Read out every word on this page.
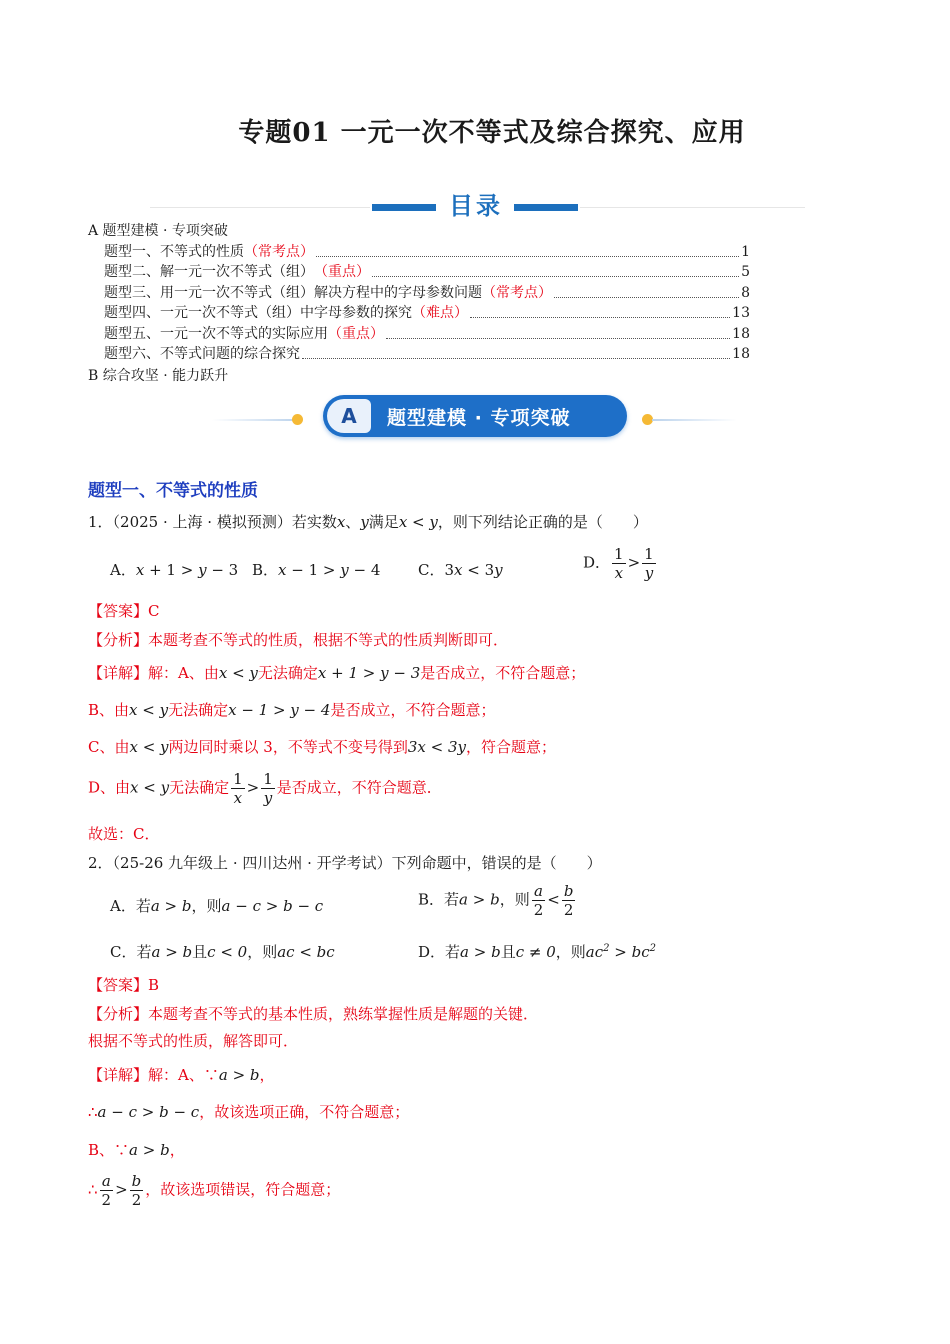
专题01 一元一次不等式及综合探究、应用
目录
A 题型建模 · 专项突破
题型一、不等式的性质 （常考点）	1
题型二、解一元一次不等式（组） （重点）	5
题型三、用一元一次不等式（组）解决方程中的字母参数问题 （常考点）	8
题型四、一元一次不等式（组）中字母参数的探究 （难点）	13
题型五、一元一次不等式的实际应用 （重点）	18
题型六、不等式问题的综合探究	18
B 综合攻坚 · 能力跃升
A	题型建模 · 专项突破
题型一、不等式的性质
1．（2025 · 上海 · 模拟预测）若实数x、y满足x < y，则下列结论正确的是（　　）
A．x + 1 > y − 3 B．x − 1 > y − 4	C．3x < 3y	D． $\frac{1}{x} > \frac{1}{y}$
【答案】C
【分析】本题考查不等式的性质，根据不等式的性质判断即可．
【详解】解：A、由x < y无法确定x + 1 > y − 3是否成立，不符合题意；
B、由x < y无法确定x − 1 > y − 4是否成立，不符合题意；
C、由x < y两边同时乘以 3，不等式不变号得到3x < 3y，符合题意；
D、由x < y无法确定 $\frac{1}{x} > \frac{1}{y}$ 是否成立，不符合题意．
故选：C．
2．（25-26 九年级上 · 四川达州 · 开学考试）下列命题中，错误的是（　　）
A．若a > b，则a − c > b − c	B．若a > b，则 $\frac{a}{2} < \frac{b}{2}$
C．若a > b且c < 0，则ac < bc	D．若a > b且c ≠ 0，则$ac^2 > bc^2$
【答案】B
【分析】本题考查不等式的基本性质，熟练掌握性质是解题的关键．
根据不等式的性质，解答即可．
【详解】解：A、∵a > b，
∴a − c > b − c，故该选项正确，不符合题意；
B、∵a > b，
∴ $\frac{a}{2} > \frac{b}{2}$ ，故该选项错误，符合题意；
